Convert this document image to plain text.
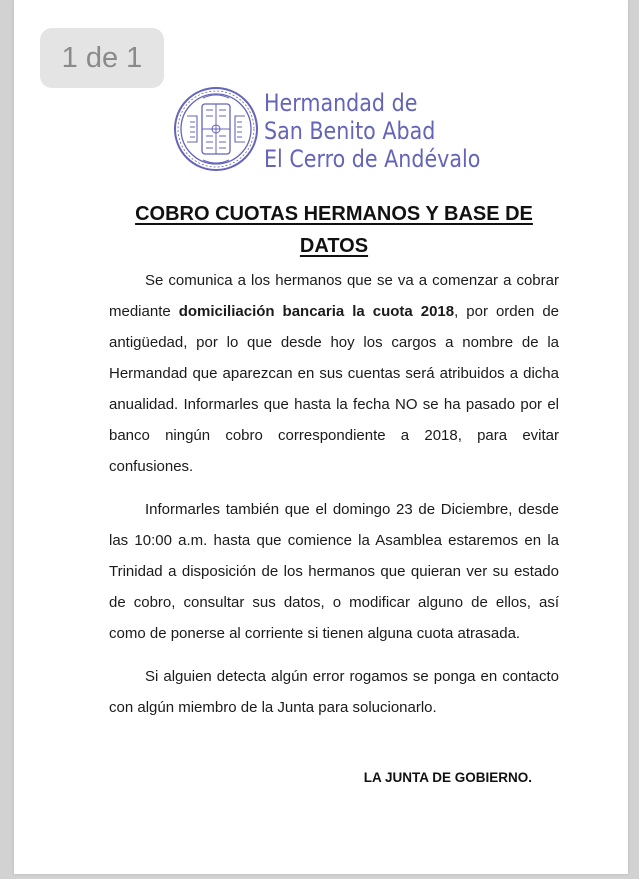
Hermandad de
San Benito Abad
El Cerro de Andévalo
COBRO CUOTAS HERMANOS Y BASE DE DATOS

Se comunica a los hermanos que se va a comenzar a cobrar mediante domiciliación bancaria la cuota 2018, por orden de antigüedad, por lo que desde hoy los cargos a nombre de la Hermandad que aparezcan en sus cuentas será atribuidos a dicha anualidad. Informarles que hasta la fecha NO se ha pasado por el banco ningún cobro correspondiente a 2018, para evitar confusiones.

Informarles también que el domingo 23 de Diciembre, desde las 10:00 a.m. hasta que comience la Asamblea estaremos en la Trinidad a disposición de los hermanos que quieran ver su estado de cobro, consultar sus datos, o modificar alguno de ellos, así como de ponerse al corriente si tienen alguna cuota atrasada.

Si alguien detecta algún error rogamos se ponga en contacto con algún miembro de la Junta para solucionarlo.

LA JUNTA DE GOBIERNO.
1 de 1
